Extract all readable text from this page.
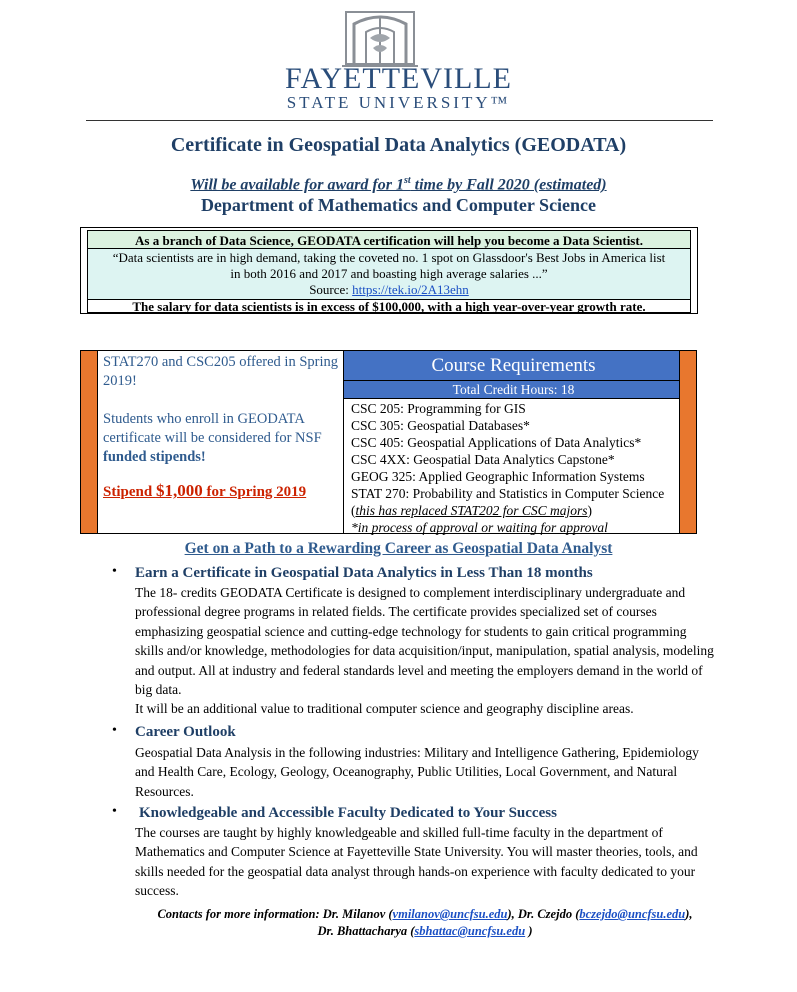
FAYETTEVILLE
STATE UNIVERSITY™
Certificate in Geospatial Data Analytics (GEODATA)
Will be available for award for 1st time by Fall 2020 (estimated)
Department of Mathematics and Computer Science
As a branch of Data Science, GEODATA certification will help you become a Data Scientist.
“Data scientists are in high demand, taking the coveted no. 1 spot on Glassdoor's Best Jobs in America list in both 2016 and 2017 and boasting high average salaries ...”
Source: https://tek.io/2A13ehn
The salary for data scientists is in excess of $100,000, with a high year-over-year growth rate.
STAT270 and CSC205 offered in Spring 2019!
Students who enroll in GEODATA certificate will be considered for NSF funded stipends!
Stipend $1,000 for Spring 2019
Course Requirements
Total Credit Hours: 18
CSC 205: Programming for GIS
CSC 305: Geospatial Databases*
CSC 405: Geospatial Applications of Data Analytics*
CSC 4XX: Geospatial Data Analytics Capstone*
GEOG 325: Applied Geographic Information Systems
STAT 270: Probability and Statistics in Computer Science (this has replaced STAT202 for CSC majors)
*in process of approval or waiting for approval
Get on a Path to a Rewarding Career as Geospatial Data Analyst
• Earn a Certificate in Geospatial Data Analytics in Less Than 18 months
The 18- credits GEODATA Certificate is designed to complement interdisciplinary undergraduate and professional degree programs in related fields. The certificate provides specialized set of courses emphasizing geospatial science and cutting-edge technology for students to gain critical programming skills and/or knowledge, methodologies for data acquisition/input, manipulation, spatial analysis, modeling and output. All at industry and federal standards level and meeting the employers demand in the world of big data.
It will be an additional value to traditional computer science and geography discipline areas.
• Career Outlook
Geospatial Data Analysis in the following industries: Military and Intelligence Gathering, Epidemiology and Health Care, Ecology, Geology, Oceanography, Public Utilities, Local Government, and Natural Resources.
• Knowledgeable and Accessible Faculty Dedicated to Your Success
The courses are taught by highly knowledgeable and skilled full-time faculty in the department of Mathematics and Computer Science at Fayetteville State University. You will master theories, tools, and skills needed for the geospatial data analyst through hands-on experience with faculty dedicated to your success.
Contacts for more information: Dr. Milanov (vmilanov@uncfsu.edu), Dr. Czejdo (bczejdo@uncfsu.edu),
Dr. Bhattacharya (sbhattac@uncfsu.edu )
